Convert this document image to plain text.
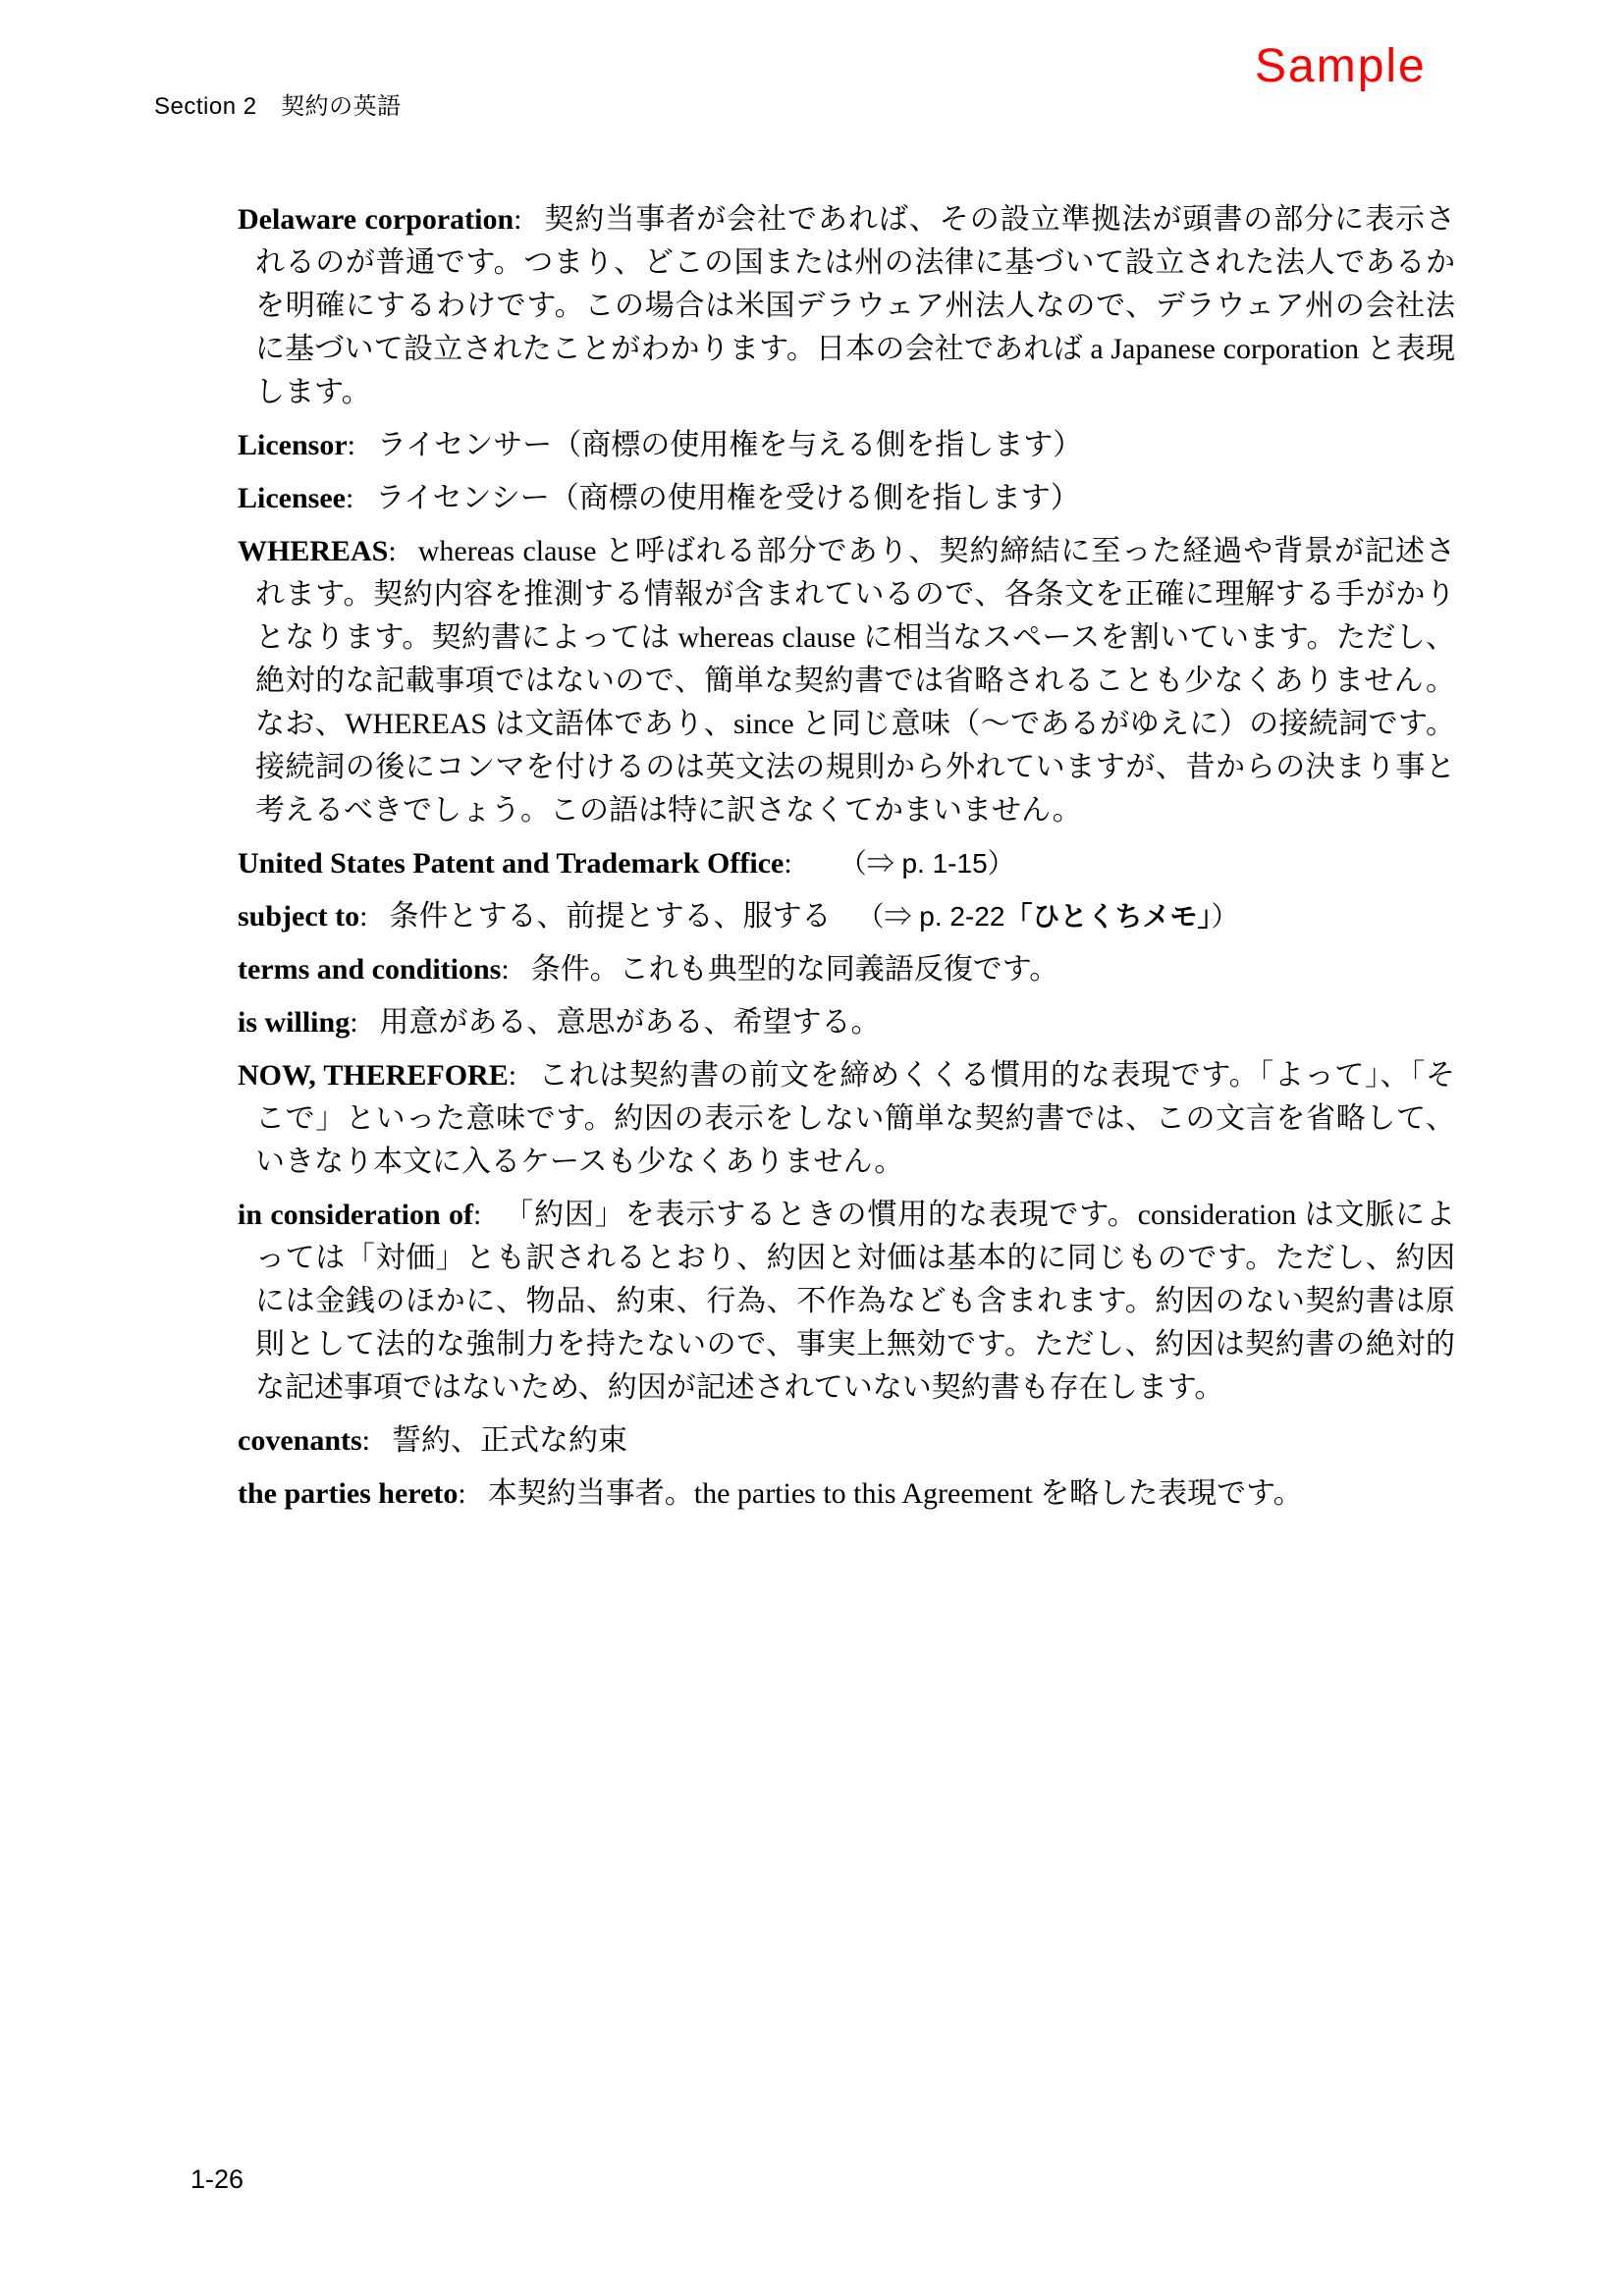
Section 2　契約の英語
Sample

Delaware corporation: 契約当事者が会社であれば、その設立準拠法が頭書の部分に表示されるのが普通です。つまり、どこの国または州の法律に基づいて設立された法人であるかを明確にするわけです。この場合は米国デラウェア州法人なので、デラウェア州の会社法に基づいて設立されたことがわかります。日本の会社であれば a Japanese corporation と表現します。

Licensor: ライセンサー（商標の使用権を与える側を指します）

Licensee: ライセンシー（商標の使用権を受ける側を指します）

WHEREAS: whereas clause と呼ばれる部分であり、契約締結に至った経過や背景が記述されます。契約内容を推測する情報が含まれているので、各条文を正確に理解する手がかりとなります。契約書によっては whereas clause に相当なスペースを割いています。ただし、絶対的な記載事項ではないので、簡単な契約書では省略されることも少なくありません。なお、WHEREAS は文語体であり、since と同じ意味（〜であるがゆえに）の接続詞です。接続詞の後にコンマを付けるのは英文法の規則から外れていますが、昔からの決まり事と考えるべきでしょう。この語は特に訳さなくてかまいません。

United States Patent and Trademark Office: （⇒ p. 1-15）

subject to: 条件とする、前提とする、服する （⇒ p. 2-22「ひとくちメモ」）

terms and conditions: 条件。これも典型的な同義語反復です。

is willing: 用意がある、意思がある、希望する。

NOW, THEREFORE: これは契約書の前文を締めくくる慣用的な表現です。「よって」、「そこで」といった意味です。約因の表示をしない簡単な契約書では、この文言を省略して、いきなり本文に入るケースも少なくありません。

in consideration of: 「約因」を表示するときの慣用的な表現です。consideration は文脈によっては「対価」とも訳されるとおり、約因と対価は基本的に同じものです。ただし、約因には金銭のほかに、物品、約束、行為、不作為なども含まれます。約因のない契約書は原則として法的な強制力を持たないので、事実上無効です。ただし、約因は契約書の絶対的な記述事項ではないため、約因が記述されていない契約書も存在します。

covenants: 誓約、正式な約束

the parties hereto: 本契約当事者。the parties to this Agreement を略した表現です。

1-26
